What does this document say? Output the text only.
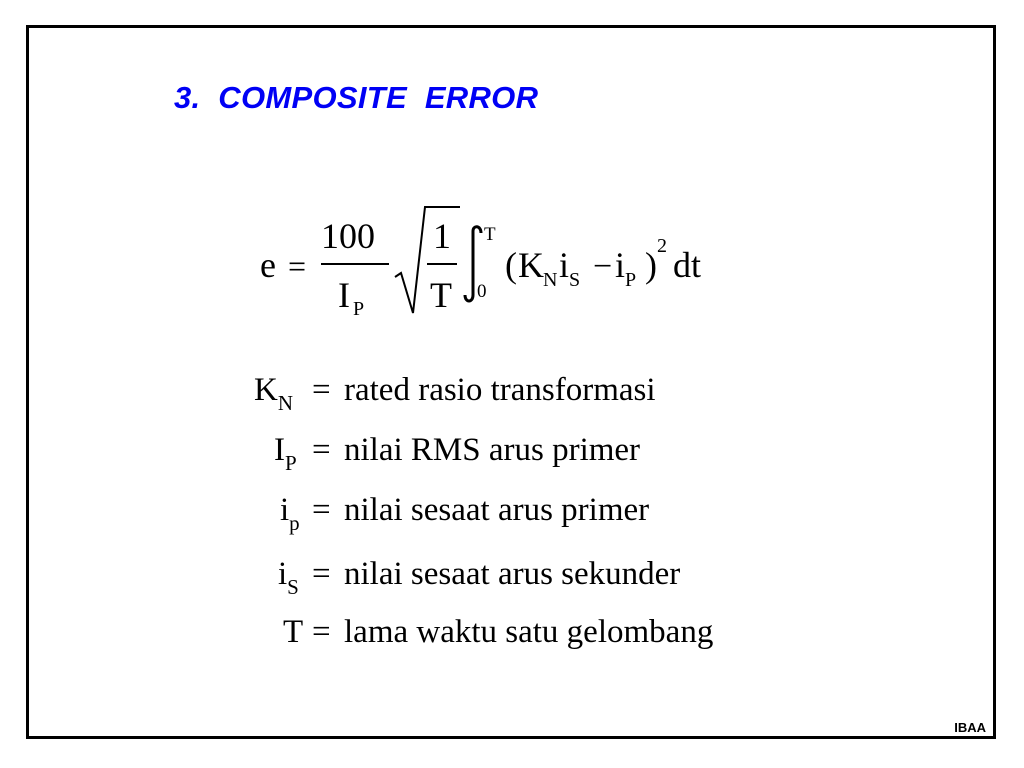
3.  COMPOSITE  ERROR
e =
100
I P
1
T
T
0
( K N i S − i P ) 2 dt
$K_N$ = rated rasio transformasi
$I_P$ = nilai RMS arus primer
$i_p$ = nilai sesaat arus primer
$i_S$ = nilai sesaat arus sekunder
T = lama waktu satu gelombang
IBAA
